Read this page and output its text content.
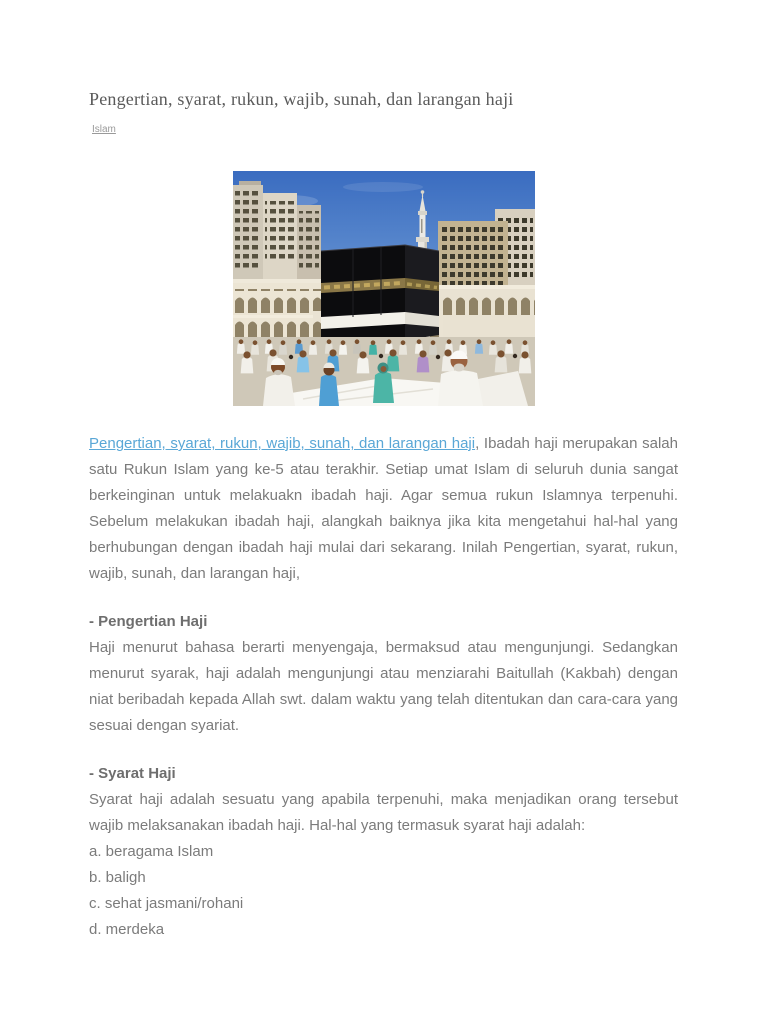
Pengertian, syarat, rukun, wajib, sunah, dan larangan haji
Islam

Pengertian, syarat, rukun, wajib, sunah, dan larangan haji, Ibadah haji merupakan salah satu Rukun Islam yang ke-5 atau terakhir. Setiap umat Islam di seluruh dunia sangat berkeinginan untuk melakuakn ibadah haji. Agar semua rukun Islamnya terpenuhi. Sebelum melakukan ibadah haji, alangkah baiknya jika kita mengetahui hal-hal yang berhubungan dengan ibadah haji mulai dari sekarang. Inilah Pengertian, syarat, rukun, wajib, sunah, dan larangan haji,

- Pengertian Haji

Haji menurut bahasa berarti menyengaja, bermaksud atau mengunjungi. Sedangkan menurut syarak, haji adalah mengunjungi atau menziarahi Baitullah (Kakbah) dengan niat beribadah kepada Allah swt. dalam waktu yang telah ditentukan dan cara-cara yang sesuai dengan syariat.

- Syarat Haji

Syarat haji adalah sesuatu yang apabila terpenuhi, maka menjadikan orang tersebut wajib melaksanakan ibadah haji. Hal-hal yang termasuk syarat haji adalah:

a. beragama Islam
b. baligh
c. sehat jasmani/rohani
d. merdeka
